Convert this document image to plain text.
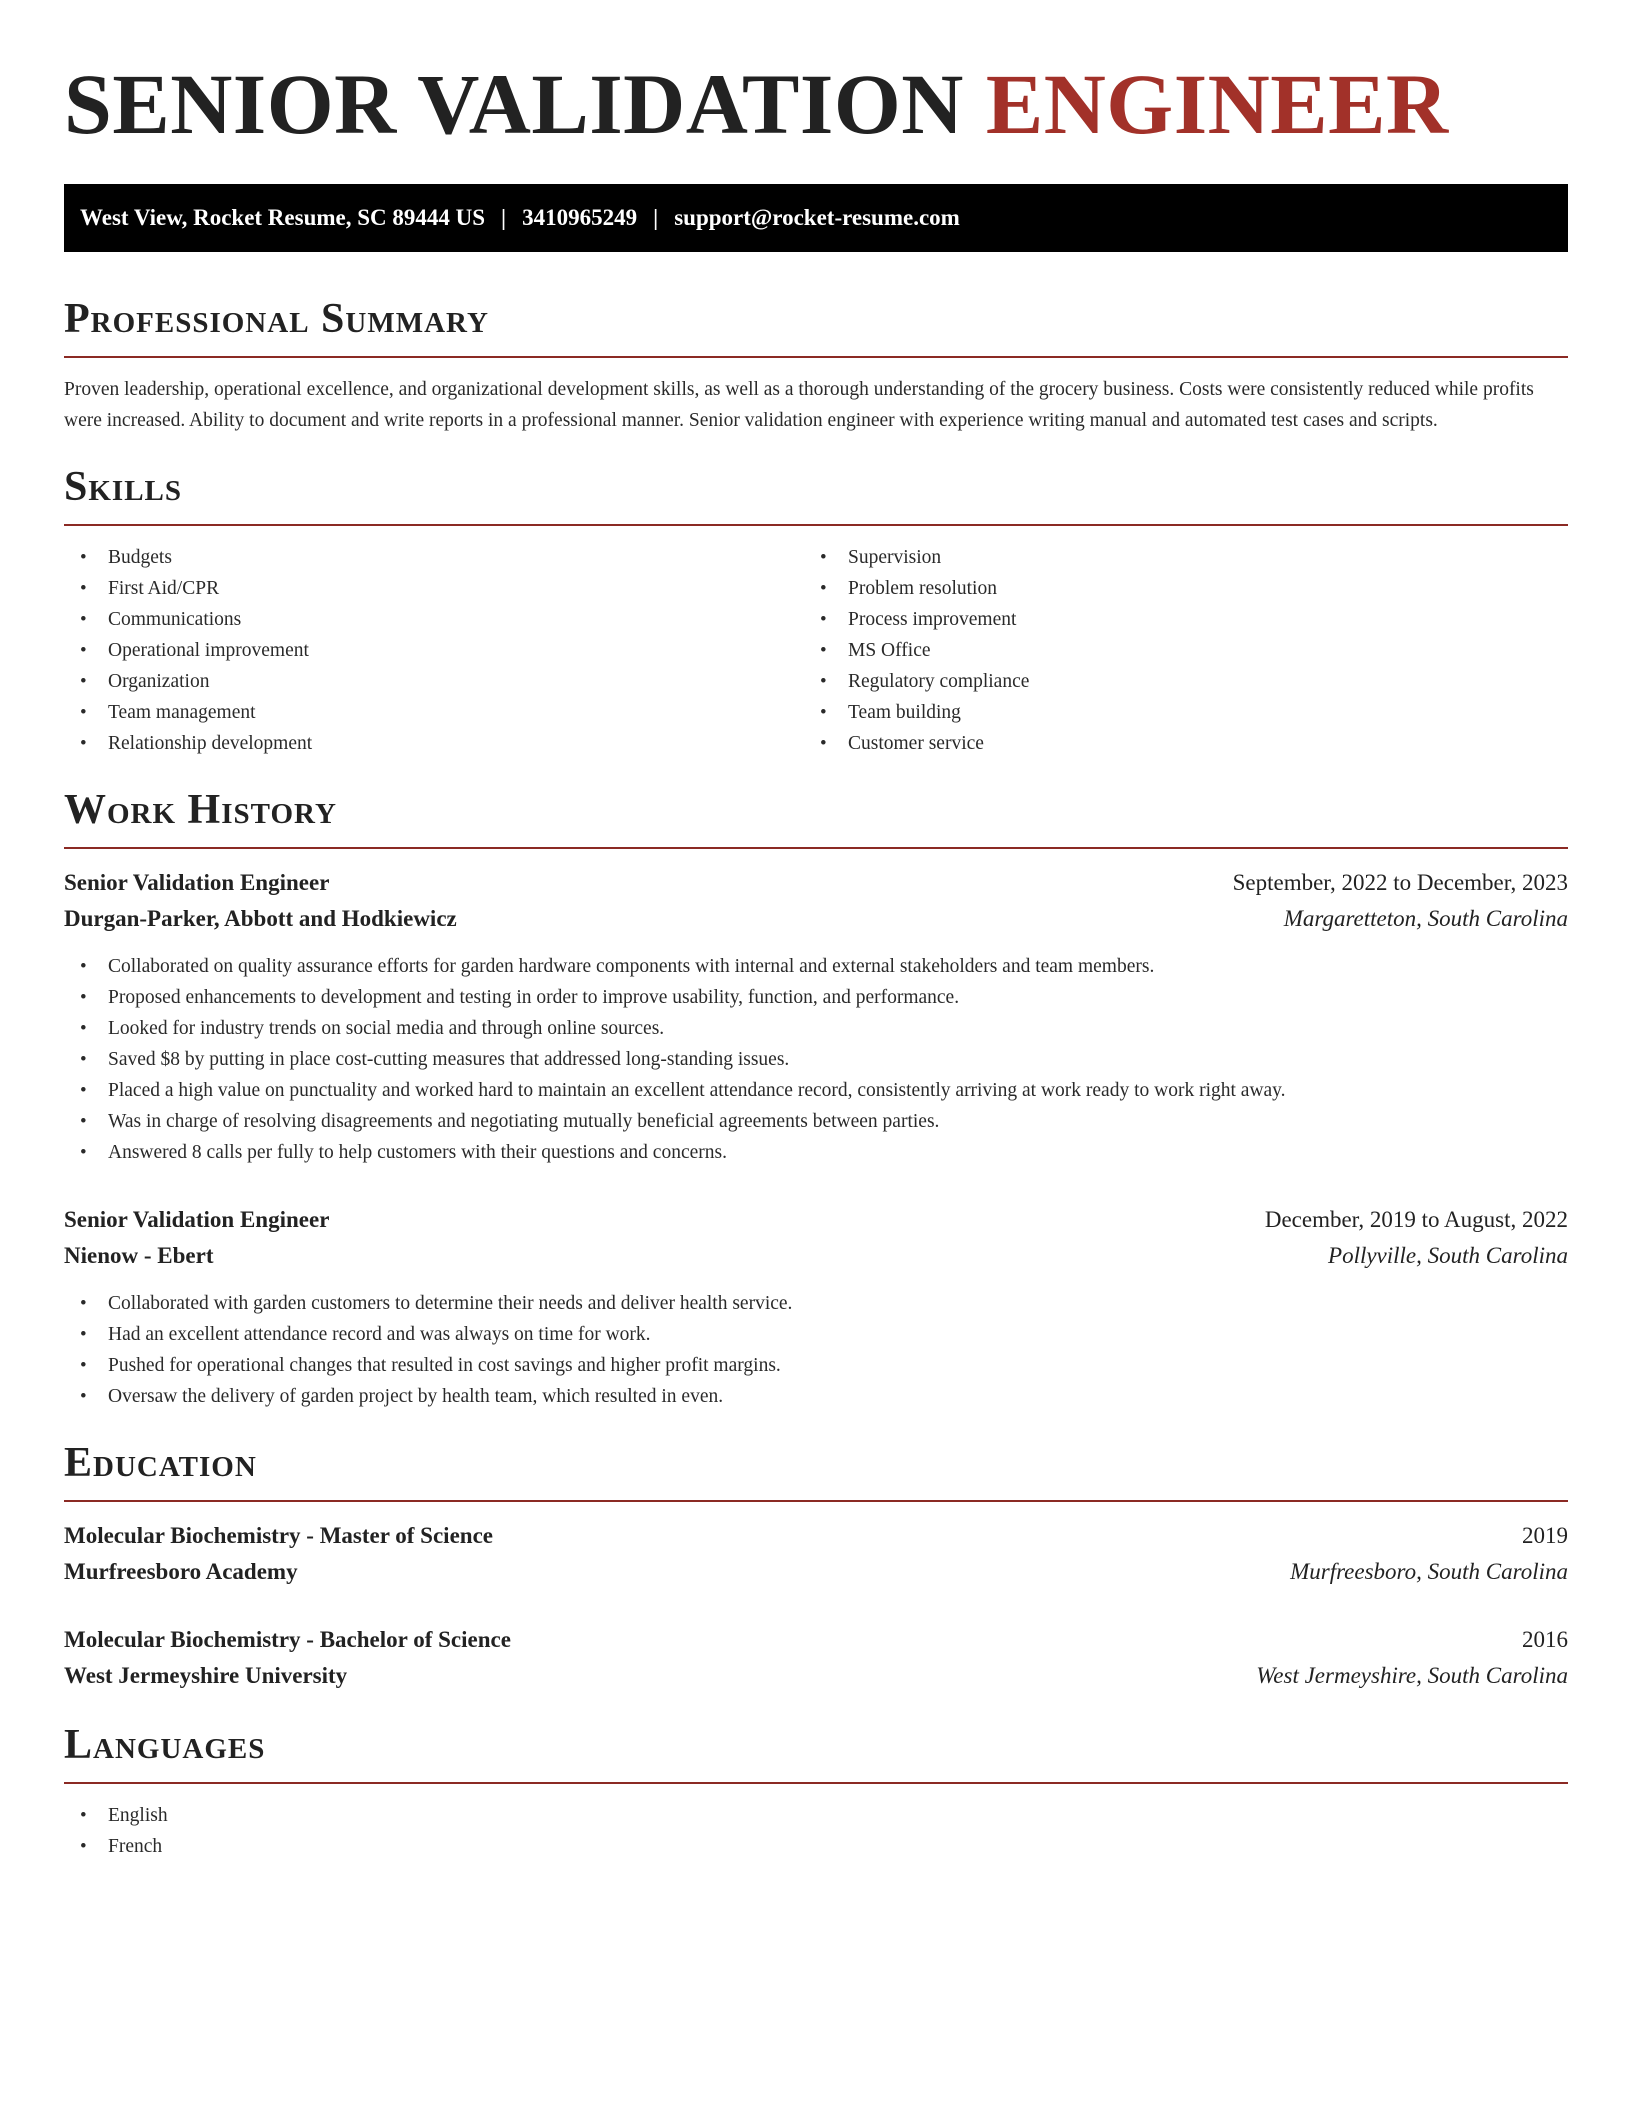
SENIOR VALIDATION ENGINEER
West View, Rocket Resume, SC 89444 US | 3410965249 | support@rocket-resume.com
Professional Summary

Proven leadership, operational excellence, and organizational development skills, as well as a thorough understanding of the grocery business. Costs were consistently reduced while profits were increased. Ability to document and write reports in a professional manner. Senior validation engineer with experience writing manual and automated test cases and scripts.

Skills
• Budgets
• First Aid/CPR
• Communications
• Operational improvement
• Organization
• Team management
• Relationship development
• Supervision
• Problem resolution
• Process improvement
• MS Office
• Regulatory compliance
• Team building
• Customer service
Work History
Senior Validation Engineer	September, 2022 to December, 2023
Durgan-Parker, Abbott and Hodkiewicz	Margaretteton, South Carolina
• Collaborated on quality assurance efforts for garden hardware components with internal and external stakeholders and team members.
• Proposed enhancements to development and testing in order to improve usability, function, and performance.
• Looked for industry trends on social media and through online sources.
• Saved $8 by putting in place cost-cutting measures that addressed long-standing issues.
• Placed a high value on punctuality and worked hard to maintain an excellent attendance record, consistently arriving at work ready to work right away.
• Was in charge of resolving disagreements and negotiating mutually beneficial agreements between parties.
• Answered 8 calls per fully to help customers with their questions and concerns.
Senior Validation Engineer	December, 2019 to August, 2022
Nienow - Ebert	Pollyville, South Carolina
• Collaborated with garden customers to determine their needs and deliver health service.
• Had an excellent attendance record and was always on time for work.
• Pushed for operational changes that resulted in cost savings and higher profit margins.
• Oversaw the delivery of garden project by health team, which resulted in even.
Education
Molecular Biochemistry - Master of Science	2019
Murfreesboro Academy	Murfreesboro, South Carolina
Molecular Biochemistry - Bachelor of Science	2016
West Jermeyshire University	West Jermeyshire, South Carolina
Languages
• English
• French
